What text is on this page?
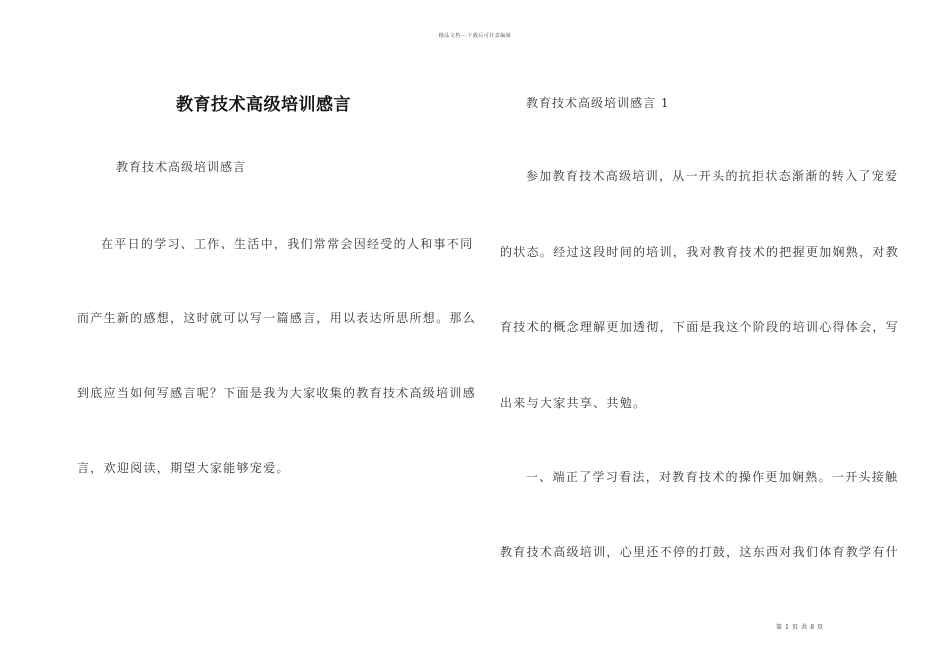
精品文档---下载后可任意编辑
教育技术高级培训感言
教育技术高级培训感言
在平日的学习、工作、生活中，我们常常会因经受的人和事不同
而产生新的感想，这时就可以写一篇感言，用以表达所思所想。那么
到底应当如何写感言呢？下面是我为大家收集的教育技术高级培训感
言，欢迎阅读，期望大家能够宠爱。
教育技术高级培训感言 1
参加教育技术高级培训，从一开头的抗拒状态渐渐的转入了宠爱
的状态。经过这段时间的培训，我对教育技术的把握更加娴熟，对教
育技术的概念理解更加透彻，下面是我这个阶段的培训心得体会，写
出来与大家共享、共勉。
一、端正了学习看法，对教育技术的操作更加娴熟。一开头接触
教育技术高级培训，心里还不停的打鼓，这东西对我们体育教学有什
第 1 页 共 8 页
